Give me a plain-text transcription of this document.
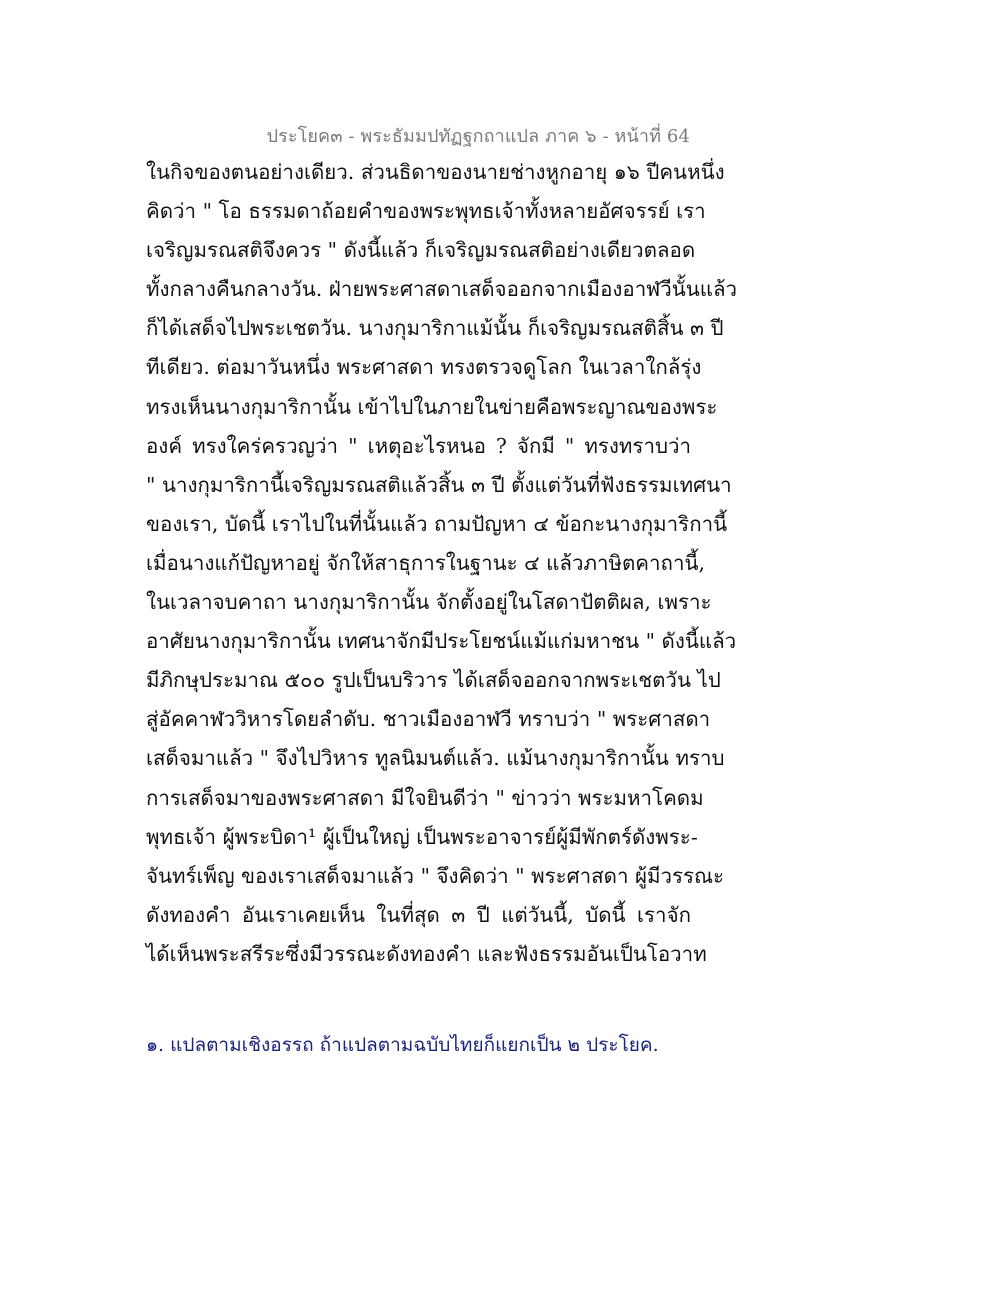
ประโยค๓ - พระธัมมปทัฏฐกถาแปล ภาค ๖ - หน้าที่ 64
ในกิจของตนอย่างเดียว. ส่วนธิดาของนายช่างหูกอายุ ๑๖ ปีคนหนึ่ง
คิดว่า " โอ ธรรมดาถ้อยคำของพระพุทธเจ้าทั้งหลายอัศจรรย์ เรา
เจริญมรณสติจึงควร " ดังนี้แล้ว ก็เจริญมรณสติอย่างเดียวตลอด
ทั้งกลางคืนกลางวัน. ฝ่ายพระศาสดาเสด็จออกจากเมืองอาฬวีนั้นแล้ว
ก็ได้เสด็จไปพระเชตวัน. นางกุมาริกาแม้นั้น ก็เจริญมรณสติสิ้น ๓ ปี
ทีเดียว. ต่อมาวันหนึ่ง พระศาสดา ทรงตรวจดูโลก ในเวลาใกล้รุ่ง
ทรงเห็นนางกุมาริกานั้น เข้าไปในภายในข่ายคือพระญาณของพระ
องค์ ทรงใคร่ครวญว่า " เหตุอะไรหนอ ? จักมี " ทรงทราบว่า
" นางกุมาริกานี้เจริญมรณสติแล้วสิ้น ๓ ปี ตั้งแต่วันที่ฟังธรรมเทศนา
ของเรา, บัดนี้ เราไปในที่นั้นแล้ว ถามปัญหา ๔ ข้อกะนางกุมาริกานี้
เมื่อนางแก้ปัญหาอยู่ จักให้สาธุการในฐานะ ๔ แล้วภาษิตคาถานี้,
ในเวลาจบคาถา นางกุมาริกานั้น จักตั้งอยู่ในโสดาปัตติผล, เพราะ
อาศัยนางกุมาริกานั้น เทศนาจักมีประโยชน์แม้แก่มหาชน " ดังนี้แล้ว
มีภิกษุประมาณ ๕๐๐ รูปเป็นบริวาร ได้เสด็จออกจากพระเชตวัน ไป
สู่อัคคาฬววิหารโดยลำดับ. ชาวเมืองอาฬวี ทราบว่า " พระศาสดา
เสด็จมาแล้ว " จึงไปวิหาร ทูลนิมนต์แล้ว. แม้นางกุมาริกานั้น ทราบ
การเสด็จมาของพระศาสดา มีใจยินดีว่า " ข่าวว่า พระมหาโคดม
พุทธเจ้า ผู้พระบิดา¹ ผู้เป็นใหญ่ เป็นพระอาจารย์ผู้มีพักตร์ดังพระ-
จันทร์เพ็ญ ของเราเสด็จมาแล้ว " จึงคิดว่า " พระศาสดา ผู้มีวรรณะ
ดังทองคำ อันเราเคยเห็น ในที่สุด ๓ ปี แต่วันนี้, บัดนี้ เราจัก
ได้เห็นพระสรีระซึ่งมีวรรณะดังทองคำ และฟังธรรมอันเป็นโอวาท
๑. แปลตามเชิงอรรถ ถ้าแปลตามฉบับไทยก็แยกเป็น ๒ ประโยค.
